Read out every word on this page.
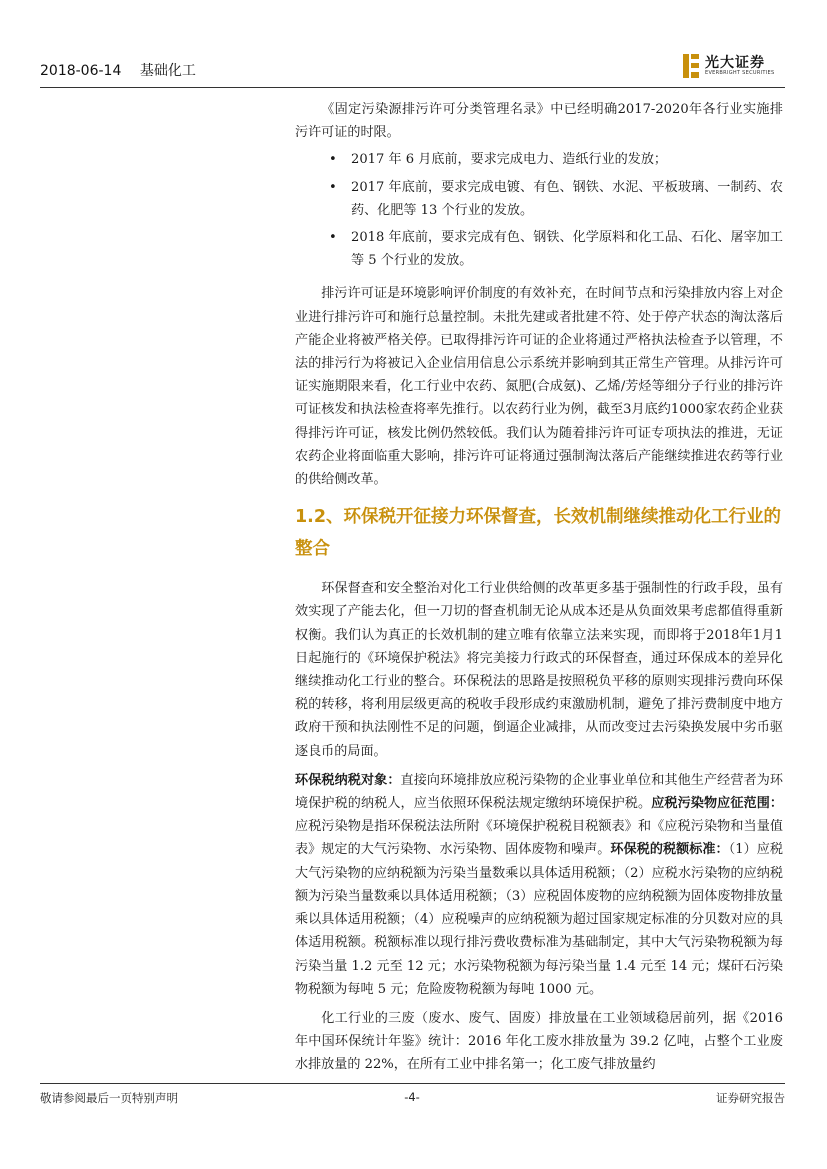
2018-06-14 基础化工	光大证券
EVERBRIGHT SECURITIES

《固定污染源排污许可分类管理名录》中已经明确2017-2020年各行业实施排污许可证的时限。

• 2017 年 6 月底前，要求完成电力、造纸行业的发放；
• 2017 年底前，要求完成电镀、有色、钢铁、水泥、平板玻璃、一制药、农药、化肥等 13 个行业的发放。
• 2018 年底前，要求完成有色、钢铁、化学原料和化工品、石化、屠宰加工等 5 个行业的发放。

排污许可证是环境影响评价制度的有效补充，在时间节点和污染排放内容上对企业进行排污许可和施行总量控制。未批先建或者批建不符、处于停产状态的淘汰落后产能企业将被严格关停。已取得排污许可证的企业将通过严格执法检查予以管理，不法的排污行为将被记入企业信用信息公示系统并影响到其正常生产管理。从排污许可证实施期限来看，化工行业中农药、氮肥(合成氨)、乙烯/芳烃等细分子行业的排污许可证核发和执法检查将率先推行。以农药行业为例，截至3月底约1000家农药企业获得排污许可证，核发比例仍然较低。我们认为随着排污许可证专项执法的推进，无证农药企业将面临重大影响，排污许可证将通过强制淘汰落后产能继续推进农药等行业的供给侧改革。

1.2、环保税开征接力环保督查，长效机制继续推动化工行业的整合

环保督查和安全整治对化工行业供给侧的改革更多基于强制性的行政手段，虽有效实现了产能去化，但一刀切的督查机制无论从成本还是从负面效果考虑都值得重新权衡。我们认为真正的长效机制的建立唯有依靠立法来实现，而即将于2018年1月1日起施行的《环境保护税法》将完美接力行政式的环保督查，通过环保成本的差异化继续推动化工行业的整合。环保税法的思路是按照税负平移的原则实现排污费向环保税的转移，将利用层级更高的税收手段形成约束激励机制，避免了排污费制度中地方政府干预和执法刚性不足的问题，倒逼企业减排，从而改变过去污染换发展中劣币驱逐良币的局面。

环保税纳税对象：直接向环境排放应税污染物的企业事业单位和其他生产经营者为环境保护税的纳税人，应当依照环保税法规定缴纳环境保护税。应税污染物应征范围：应税污染物是指环保税法法所附《环境保护税税目税额表》和《应税污染物和当量值表》规定的大气污染物、水污染物、固体废物和噪声。环保税的税额标准：（1）应税大气污染物的应纳税额为污染当量数乘以具体适用税额；（2）应税水污染物的应纳税额为污染当量数乘以具体适用税额；（3）应税固体废物的应纳税额为固体废物排放量乘以具体适用税额；（4）应税噪声的应纳税额为超过国家规定标准的分贝数对应的具体适用税额。税额标准以现行排污费收费标准为基础制定，其中大气污染物税额为每污染当量 1.2 元至 12 元；水污染物税额为每污染当量 1.4 元至 14 元；煤矸石污染物税额为每吨 5 元；危险废物税额为每吨 1000 元。

化工行业的三废（废水、废气、固废）排放量在工业领域稳居前列，据《2016 年中国环保统计年鉴》统计：2016 年化工废水排放量为 39.2 亿吨，占整个工业废水排放量的 22%，在所有工业中排名第一；化工废气排放量约

敬请参阅最后一页特别声明	-4-	证券研究报告
